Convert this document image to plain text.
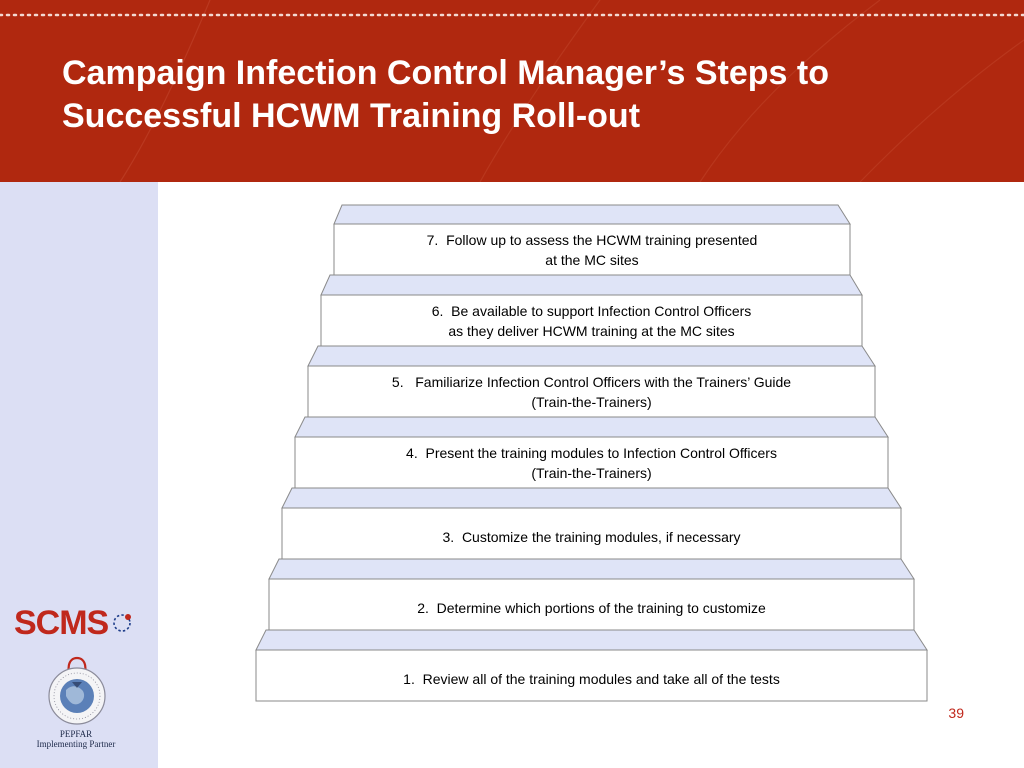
Campaign Infection Control Manager’s Steps to
Successful HCWM Training Roll-out
SCMS
PEPFAR
Implementing Partner
7.  Follow up to assess the HCWM training presented
at the MC sites
6.  Be available to support Infection Control Officers
as they deliver HCWM training at the MC sites
5.   Familiarize Infection Control Officers with the Trainers’ Guide
(Train-the-Trainers)
4.  Present the training modules to Infection Control Officers
(Train-the-Trainers)
3.  Customize the training modules, if necessary
2.  Determine which portions of the training to customize
1.  Review all of the training modules and take all of the tests
39
